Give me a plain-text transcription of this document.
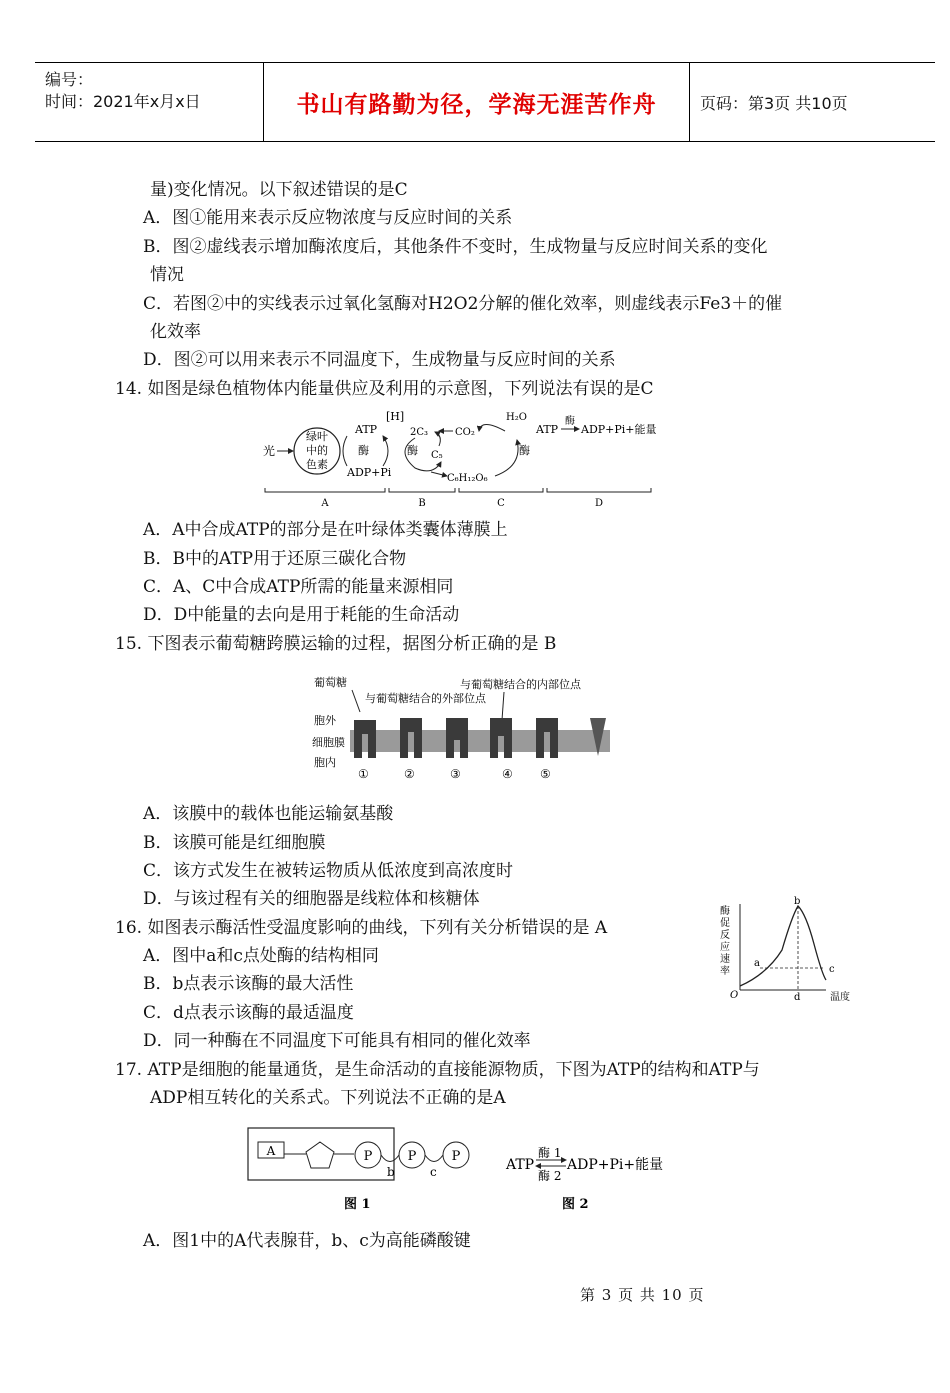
编号：
时间：2021年x月x日	书山有路勤为径，学海无涯苦作舟	页码：第3页 共10页
量)变化情况。以下叙述错误的是C
A．图①能用来表示反应物浓度与反应时间的关系
B．图②虚线表示增加酶浓度后，其他条件不变时，生成物量与反应时间关系的变化
情况
C．若图②中的实线表示过氧化氢酶对H2O2分解的催化效率，则虚线表示Fe3＋的催
化效率
D．图②可以用来表示不同温度下，生成物量与反应时间的关系
14. 如图是绿色植物体内能量供应及利用的示意图，下列说法有误的是C
光
绿叶
中的
色素
ATP
酶
ADP+Pi
[H]
2C₃
酶 C₅
CO₂
C₆H₁₂O₆
H₂O
酶
ATP
酶
ADP+Pi+能量
A	B	C	D
A．A中合成ATP的部分是在叶绿体类囊体薄膜上
B．B中的ATP用于还原三碳化合物
C．A、C中合成ATP所需的能量来源相同
D．D中能量的去向是用于耗能的生命活动
15. 下图表示葡萄糖跨膜运输的过程，据图分析正确的是 B
葡萄糖
与葡萄糖结合的外部位点
与葡萄糖结合的内部位点
胞外
细胞膜
胞内
①	②	③	④ ⑤
A．该膜中的载体也能运输氨基酸
B．该膜可能是红细胞膜
C．该方式发生在被转运物质从低浓度到高浓度时
D．与该过程有关的细胞器是线粒体和核糖体
16. 如图表示酶活性受温度影响的曲线，下列有关分析错误的是 A
酶
促
反
应
速
率
b
a
c
d
O	温度
A．图中a和c点处酶的结构相同
B．b点表示该酶的最大活性
C．d点表示该酶的最适温度
D．同一种酶在不同温度下可能具有相同的催化效率
17. ATP是细胞的能量通货，是生命活动的直接能源物质，下图为ATP的结构和ATP与
ADP相互转化的关系式。下列说法不正确的是A
A	P	P	P
b	c
图 1
ATP
酶 1
酶 2
ADP+Pi+能量
图 2
A．图1中的A代表腺苷，b、c为高能磷酸键
第 3 页 共 10 页
